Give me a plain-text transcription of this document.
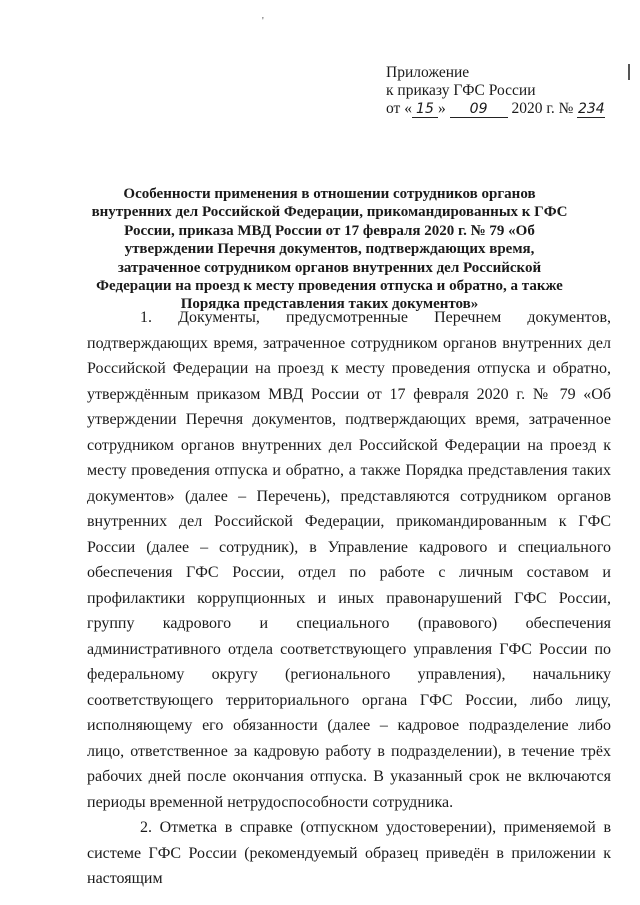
'
Приложение
к приказу ГФС России
от « 15 » 09 2020 г. № 234
Особенности применения в отношении сотрудников органов внутренних дел Российской Федерации, прикомандированных к ГФС России, приказа МВД России от 17 февраля 2020 г. № 79 «Об утверждении Перечня документов, подтверждающих время, затраченное сотрудником органов внутренних дел Российской Федерации на проезд к месту проведения отпуска и обратно, а также Порядка представления таких документов»

1. Документы, предусмотренные Перечнем документов, подтверждающих время, затраченное сотрудником органов внутренних дел Российской Федерации на проезд к месту проведения отпуска и обратно, утверждённым приказом МВД России от 17 февраля 2020 г. № 79 «Об утверждении Перечня документов, подтверждающих время, затраченное сотрудником органов внутренних дел Российской Федерации на проезд к месту проведения отпуска и обратно, а также Порядка представления таких документов» (далее – Перечень), представляются сотрудником органов внутренних дел Российской Федерации, прикомандированным к ГФС России (далее – сотрудник), в Управление кадрового и специального обеспечения ГФС России, отдел по работе с личным составом и профилактики коррупционных и иных правонарушений ГФС России, группу кадрового и специального (правового) обеспечения административного отдела соответствующего управления ГФС России по федеральному округу (регионального управления), начальнику соответствующего территориального органа ГФС России, либо лицу, исполняющему его обязанности (далее – кадровое подразделение либо лицо, ответственное за кадровую работу в подразделении), в течение трёх рабочих дней после окончания отпуска. В указанный срок не включаются периоды временной нетрудоспособности сотрудника.

2. Отметка в справке (отпускном удостоверении), применяемой в системе ГФС России (рекомендуемый образец приведён в приложении к настоящим
